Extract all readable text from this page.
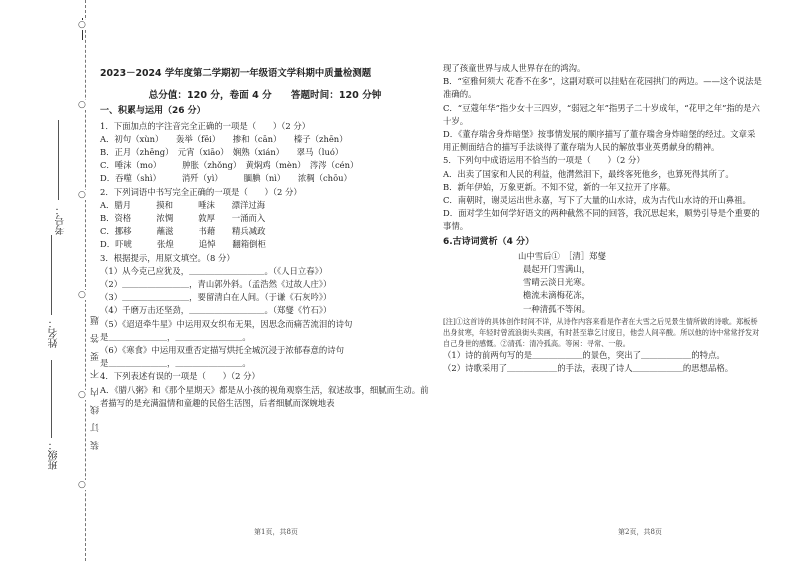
装 订 线 内 不 要 答 题
考号：
姓名：
班级：
○
○
○
○
○
○
2023－2024 学年度第二学期初一年级语文学科期中质量检测题
总分值：120 分，卷面 4 分　　答题时间：120 分钟
一、积累与运用（26 分）

1．下面加点的字注音完全正确的一项是（　　）（2 分）

A．初句（xùn）　　轰举（fēi）　　掺和（cān）　　榛子（zhēn）

B．正月（zhēng）　元宵（xiāo）　娴熟（xián）　　翠马（luó）

C．唾沫（mo）　　　肿胀（zhǒng）　黄焖鸡（mèn）　涔涔（cén）

D．吞噬（shì）　　　消歼（yì）　　　腼腆（nì）　　浓稠（chōu）

2．下列词语中书写完全正确的一项是（　　）（2 分）

A．腊月　　　摸和　　　唾沫　　漂洋过海

B．资格　　　浓惆　　　敦厚　　一涌而入

C．挪移　　　蘸滋　　　书藉　　精兵减政

D．吓唬　　　张煌　　　追悼　　翻箱倒柜

3．根据提示，用原文填空。（8 分）

（1）从今克己应犹及，＿＿＿＿＿＿＿＿＿。（《人日立春》）

（2）＿＿＿＿＿＿＿＿，青山郭外斜。（孟浩然《过故人庄》）

（3）＿＿＿＿＿＿＿＿，要留清白在人间。（于谦《石灰吟》）

（4）千磨万击还坚劲，＿＿＿＿＿＿＿＿＿。（郑燮《竹石》）

（5）《迢迢牵牛星》中运用双女织布无果，因思念而痛苦流泪的诗句

是＿＿＿＿＿＿＿，＿＿＿＿＿＿＿＿。

（6）《寒食》中运用双重否定描写烘托全城沉浸于浓郁春意的诗句

是＿＿＿＿＿＿＿，＿＿＿＿＿＿＿＿。

4．下列表述有误的一项是（　　）（2 分）

A．《腊八粥》和《那个星期天》都是从小孩的视角观察生活，叙述故事，细腻而生动。前者描写的是充满温情和童趣的民俗生活图，后者细腻而深婉地表

现了孩童世界与成人世界存在的鸿沟。

B．“室雅何须大 花香不在多”，这副对联可以挂贴在花园拱门的两边。——这个说法是准确的。

C．“豆蔻年华”指少女十三四岁，“弱冠之年”指男子二十岁成年，“花甲之年”指的是六十岁。

D．《董存瑞舍身炸暗堡》按事情发展的顺序描写了董存瑞舍身炸暗堡的经过。文章采用正侧面结合的描写手法谈得了董存瑞为人民的解放事业英勇献身的精神。

5．下列句中成语运用不恰当的一项是（　　）（2 分）

A．出卖了国家和人民的利益，他潸然泪下，最终客死他乡，也算死得其所了。

B．新年伊始，万象更新。不知不觉，新的一年又拉开了序幕。

C．南朝时，谢灵运出世永嘉，写下了大量的山水诗，成为古代山水诗的开山鼻祖。

D．面对学生如何学好语文的两种截然不同的回答，我沉思起来，顺势引导是个重要的事情。

6.古诗词赏析（4 分）

山中雪后①　［清］郑燮

晨起开门雪满山，

雪晴云淡日光寒。

檐流未滴梅花冻，

一种清孤不等闲。

[注]①这首诗的具体创作时间不详，从诗作内容来看是作者在大雪之后见景生情所做的诗歌。郑板桥出身贫寒，年轻时曾流浪街头卖画，有时甚至靠乞讨度日，他尝人间辛酸。所以他的诗中常常抒发对自己身世的感慨。②清孤：清冷孤高。等闲：寻常、一般。

（1）诗的前两句写的是＿＿＿＿＿＿的景色，突出了＿＿＿＿＿＿的特点。

（2）诗歌采用了＿＿＿＿＿＿的手法，表现了诗人＿＿＿＿＿＿的思想品格。

第1页，共8页	第2页，共8页
